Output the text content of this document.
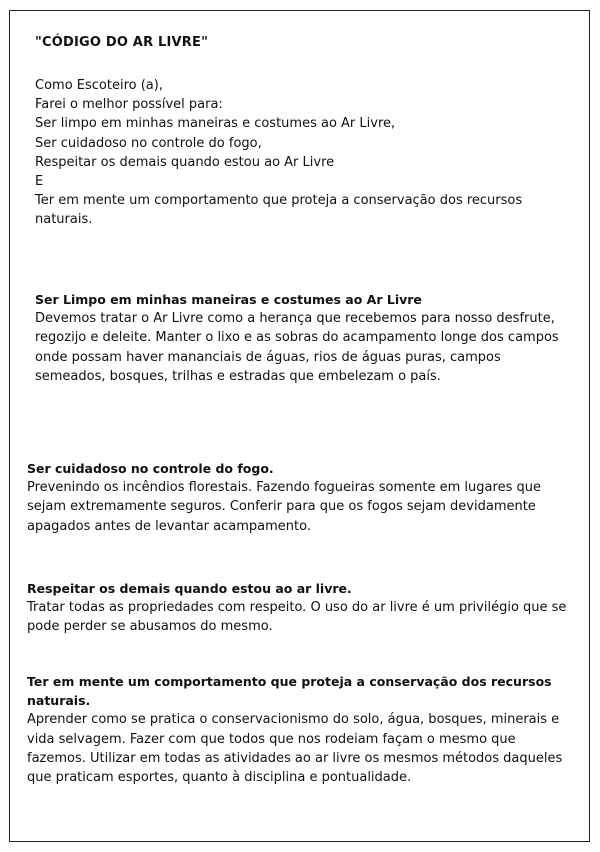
"CÓDIGO DO AR LIVRE"
Como Escoteiro (a),
Farei o melhor possível para:
Ser limpo em minhas maneiras e costumes ao Ar Livre,
Ser cuidadoso no controle do fogo,
Respeitar os demais quando estou ao Ar Livre
E
Ter em mente um comportamento que proteja a conservação dos recursos naturais.
Ser Limpo em minhas maneiras e costumes ao Ar Livre
Devemos tratar o Ar Livre como a herança que recebemos para nosso desfrute, regozijo e deleite. Manter o lixo e as sobras do acampamento longe dos campos onde possam haver mananciais de águas, rios de águas puras, campos semeados, bosques, trilhas e estradas que embelezam o país.
Ser cuidadoso no controle do fogo.
Prevenindo os incêndios florestais. Fazendo fogueiras somente em lugares que sejam extremamente seguros. Conferir para que os fogos sejam devidamente apagados antes de levantar acampamento.
Respeitar os demais quando estou ao ar livre.
Tratar todas as propriedades com respeito. O uso do ar livre é um privilégio que se pode perder se abusamos do mesmo.
Ter em mente um comportamento que proteja a conservação dos recursos naturais.
Aprender como se pratica o conservacionismo do solo, água, bosques, minerais e vida selvagem. Fazer com que todos que nos rodeiam façam o mesmo que fazemos. Utilizar em todas as atividades ao ar livre os mesmos métodos daqueles que praticam esportes, quanto à disciplina e pontualidade.
